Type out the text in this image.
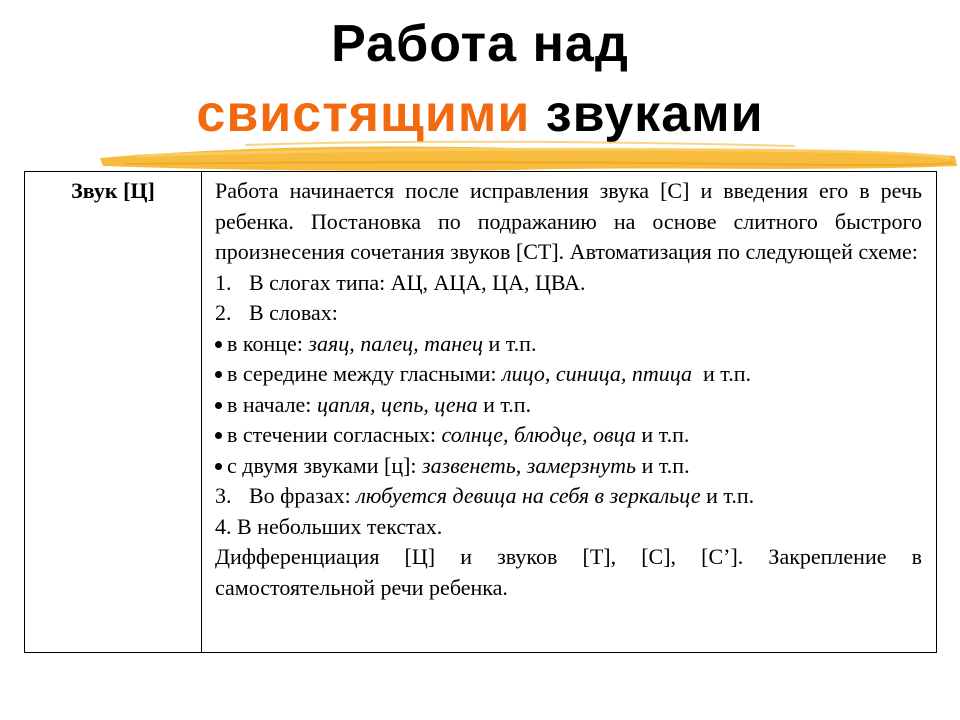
Работа над
свистящими звуками
Звук [Ц]	Работа начинается после исправления звука [С] и введения его в речь ребенка. Постановка по подражанию на основе слитного быстрого произнесения сочетания звуков [СТ]. Автоматизация по следующей схеме:
1. В слогах типа: АЦ, АЦА, ЦА, ЦВА.
2. В словах:
в конце: заяц, палец, танец и т.п.
в середине между гласными: лицо, синица, птица  и т.п.
в начале: цапля, цепь, цена и т.п.
в стечении согласных: солнце, блюдце, овца и т.п.
с двумя звуками [ц]: зазвенеть, замерзнуть и т.п.
3. Во фразах: любуется девица на себя в зеркальце и т.п.
4. В небольших текстах.
Дифференциация [Ц] и звуков [Т], [С], [С’]. Закрепление в самостоятельной речи ребенка.
